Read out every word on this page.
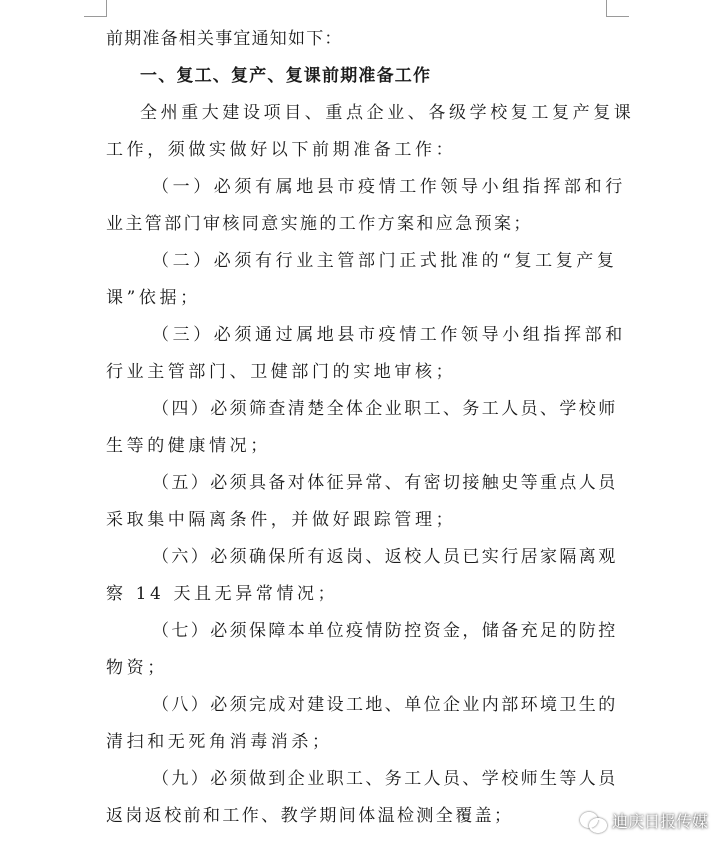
前期准备相关事宜通知如下：
一、复工、复产、复课前期准备工作
全州重大建设项目、重点企业、各级学校复工复产复课
工作，须做实做好以下前期准备工作：
（一）必须有属地县市疫情工作领导小组指挥部和行
业主管部门审核同意实施的工作方案和应急预案；
（二）必须有行业主管部门正式批准的“复工复产复
课”依据；
（三）必须通过属地县市疫情工作领导小组指挥部和
行业主管部门、卫健部门的实地审核；
（四）必须筛查清楚全体企业职工、务工人员、学校师
生等的健康情况；
（五）必须具备对体征异常、有密切接触史等重点人员
采取集中隔离条件，并做好跟踪管理；
（六）必须确保所有返岗、返校人员已实行居家隔离观
察 14 天且无异常情况；
（七）必须保障本单位疫情防控资金，储备充足的防控
物资；
（八）必须完成对建设工地、单位企业内部环境卫生的
清扫和无死角消毒消杀；
（九）必须做到企业职工、务工人员、学校师生等人员
返岗返校前和工作、教学期间体温检测全覆盖；	迪庆日报传媒
